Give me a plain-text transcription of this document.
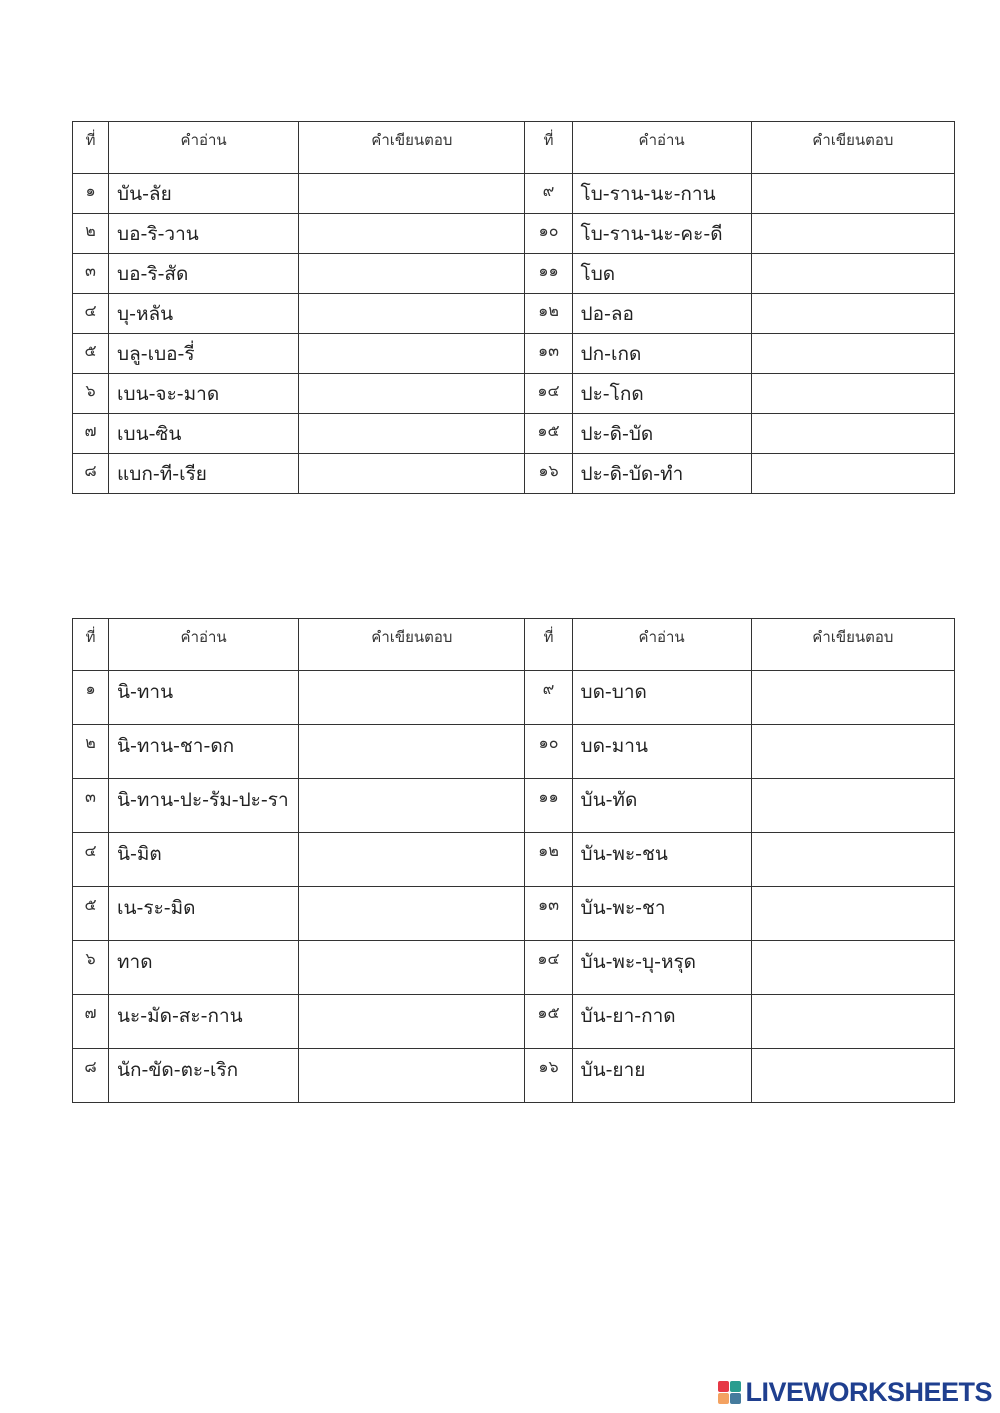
ที่	คำอ่าน	คำเขียนตอบ	ที่	คำอ่าน	คำเขียนตอบ
๑	บัน-ลัย		๙	โบ-ราน-นะ-กาน	
๒	บอ-ริ-วาน		๑๐	โบ-ราน-นะ-คะ-ดี	
๓	บอ-ริ-สัด		๑๑	โบด	
๔	บุ-หลัน		๑๒	ปอ-ลอ	
๕	บลู-เบอ-รี่		๑๓	ปก-เกด	
๖	เบน-จะ-มาด		๑๔	ปะ-โกด	
๗	เบน-ซิน		๑๕	ปะ-ดิ-บัด	
๘	แบก-ที-เรีย		๑๖	ปะ-ดิ-บัด-ทำ	
ที่	คำอ่าน	คำเขียนตอบ	ที่	คำอ่าน	คำเขียนตอบ
๑	นิ-ทาน		๙	บด-บาด	
๒	นิ-ทาน-ชา-ดก		๑๐	บด-มาน	
๓	นิ-ทาน-ปะ-รัม-ปะ-รา		๑๑	บัน-ทัด	
๔	นิ-มิต		๑๒	บัน-พะ-ชน	
๕	เน-ระ-มิด		๑๓	บัน-พะ-ชา	
๖	ทาด		๑๔	บัน-พะ-บุ-หรุด	
๗	นะ-มัด-สะ-กาน		๑๕	บัน-ยา-กาด	
๘	นัก-ขัด-ตะ-เริก		๑๖	บัน-ยาย	
LIVEWORKSHEETS
